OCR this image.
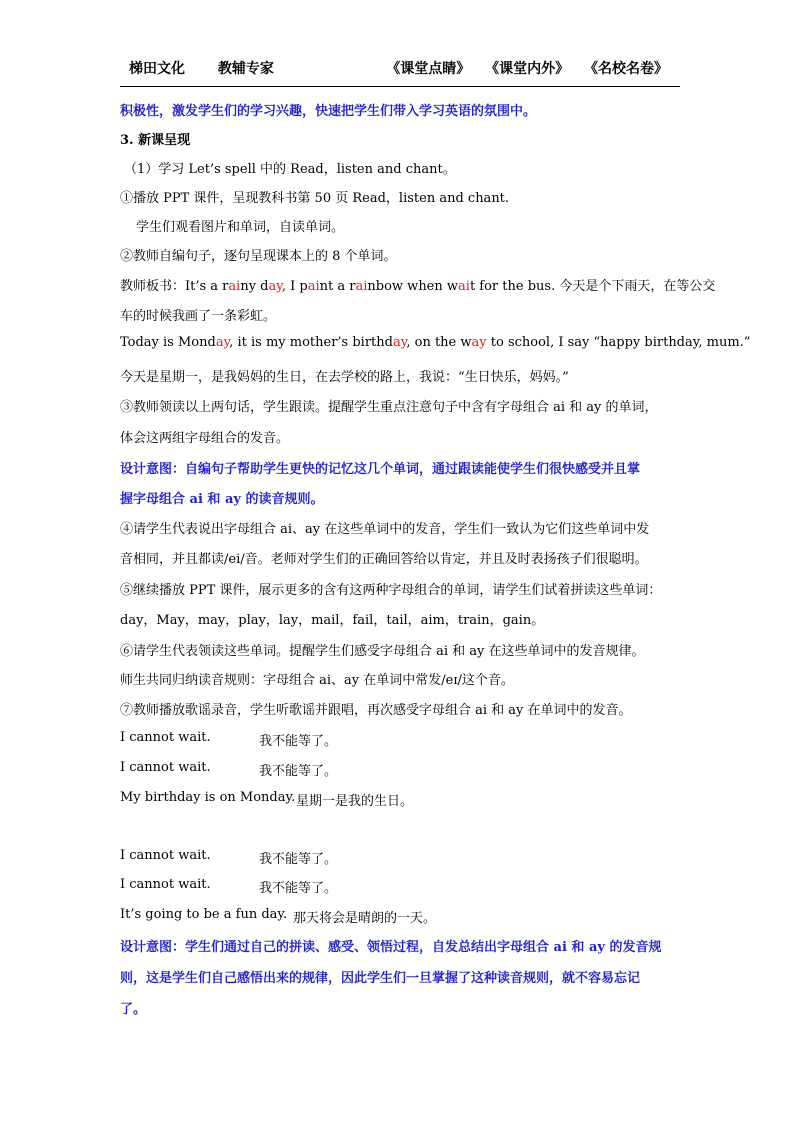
梯田文化 教辅专家	《课堂点睛》 《课堂内外》 《名校名卷》
积极性，激发学生们的学习兴趣，快速把学生们带入学习英语的氛围中。
3. 新课呈现
（1）学习 Let’s spell 中的 Read，listen and chant。
①播放 PPT 课件，呈现教科书第 50 页 Read，listen and chant.
学生们观看图片和单词，自读单词。
②教师自编句子，逐句呈现课本上的 8 个单词。
教师板书：It’s a rainy day, I paint a rainbow when wait for the bus. 今天是个下雨天，在等公交
车的时候我画了一条彩虹。
Today is Monday, it is my mother’s birthday, on the way to school, I say “happy birthday, mum.”
今天是星期一，是我妈妈的生日，在去学校的路上，我说：“生日快乐，妈妈。”
③教师领读以上两句话，学生跟读。提醒学生重点注意句子中含有字母组合 ai 和 ay 的单词，
体会这两组字母组合的发音。
设计意图：自编句子帮助学生更快的记忆这几个单词，通过跟读能使学生们很快感受并且掌
握字母组合 ai 和 ay 的读音规则。
④请学生代表说出字母组合 ai、ay 在这些单词中的发音，学生们一致认为它们这些单词中发
音相同，并且都读/ei/音。老师对学生们的正确回答给以肯定，并且及时表扬孩子们很聪明。
⑤继续播放 PPT 课件，展示更多的含有这两种字母组合的单词，请学生们试着拼读这些单词：
day，May，may，play，lay，mail，fail，tail，aim，train，gain。
⑥请学生代表领读这些单词。提醒学生们感受字母组合 ai 和 ay 在这些单词中的发音规律。
师生共同归纳读音规则：字母组合 ai、ay 在单词中常发/eɪ/这个音。
⑦教师播放歌谣录音，学生听歌谣并跟唱，再次感受字母组合 ai 和 ay 在单词中的发音。
I cannot wait.	我不能等了。
I cannot wait.	我不能等了。
My birthday is on Monday. 星期一是我的生日。
I cannot wait.	我不能等了。
I cannot wait.	我不能等了。
It’s going to be a fun day. 那天将会是晴朗的一天。
设计意图：学生们通过自己的拼读、感受、领悟过程，自发总结出字母组合 ai 和 ay 的发音规
则，这是学生们自己感悟出来的规律，因此学生们一旦掌握了这种读音规则，就不容易忘记
了。
